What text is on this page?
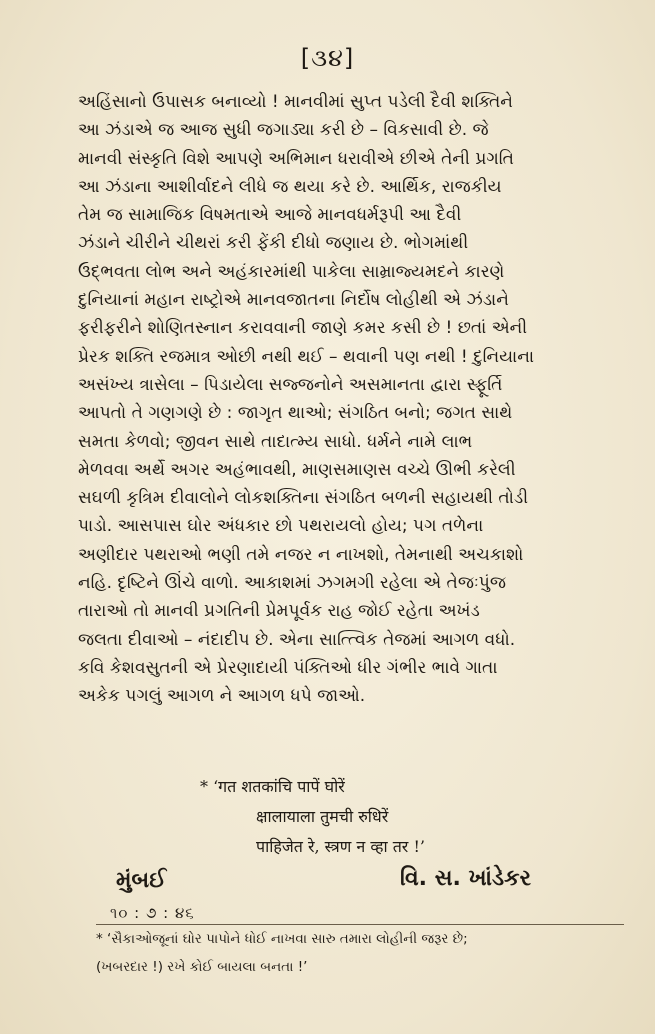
[૩૪]
અહિંસાનો ઉપાસક બનાવ્યો ! માનવીમાં સુપ્ત પડેલી દૈવી શક્તિને
આ ઝંડાએ જ આજ સુધી જગાડ્યા કરી છે – વિકસાવી છે. જે
માનવી સંસ્કૃતિ વિશે આપણે અભિમાન ધરાવીએ છીએ તેની પ્રગતિ
આ ઝંડાના આશીર્વાદને લીધે જ થયા કરે છે. આર્થિક, રાજકીય
તેમ જ સામાજિક વિષમતાએ આજે માનવધર્મરૂપી આ દૈવી
ઝંડાને ચીરીને ચીથરાં કરી ફેંકી દીધો જણાય છે. ભોગમાંથી
ઉદ્ભવતા લોભ અને અહંકારમાંથી પાકેલા સામ્રાજ્યમદને કારણે
દુનિયાનાં મહાન રાષ્ટ્રોએ માનવજાતના નિર્દોષ લોહીથી એ ઝંડાને
ફરીફરીને શોણિતસ્નાન કરાવવાની જાણે કમર કસી છે ! છતાં એની
પ્રેરક શક્તિ રજમાત્ર ઓછી નથી થઈ – થવાની પણ નથી ! દુનિયાના
અસંખ્ય ત્રાસેલા – પિડાયેલા સજ્જનોને અસમાનતા દ્વારા સ્ફૂર્તિ
આપતો તે ગણગણે છે : જાગૃત થાઓ; સંગઠિત બનો; જગત સાથે
સમતા કેળવો; જીવન સાથે તાદાત્મ્ય સાધો. ધર્મને નામે લાભ
મેળવવા અર્થે અગર અહંભાવથી, માણસમાણસ વચ્ચે ઊભી કરેલી
સઘળી કૃત્રિમ દીવાલોને લોકશક્તિના સંગઠિત બળની સહાયથી તોડી
પાડો. આસપાસ ઘોર અંધકાર છો પથરાયલો હોય; પગ તળેના
અણીદાર પથરાઓ ભણી તમે નજર ન નાખશો, તેમનાથી અચકાશો
નહિ. દૃષ્ટિને ઊંચે વાળો. આકાશમાં ઝગમગી રહેલા એ તેજઃપુંજ
તારાઓ તો માનવી પ્રગતિની પ્રેમપૂર્વક રાહ જોઈ રહેતા અખંડ
જલતા દીવાઓ – નંદાદીપ છે. એના સાત્ત્વિક તેજમાં આગળ વધો.
કવિ કેશવસુતની એ પ્રેરણાદાયી પંક્તિઓ ધીર ગંભીર ભાવે ગાતા
અકેક પગલું આગળ ને આગળ ધપે જાઓ.
* ‘गत शतकांचि पापें घोरें
क्षालायाला तुमची रुधिरें
पाहिजेत रे, स्त्रण न व्हा तर !’
મુંબઈ	વિ. સ. ખાંડેકર
૧૦ : ૭ : ૪૬
* ‘સૈકાઓજૂનાં ઘોર પાપોને ધોઈ નાખવા સારુ તમારા લોહીની જરૂર છે;
(ખબરદાર !) રખે કોઈ બાયલા બનતા !’
